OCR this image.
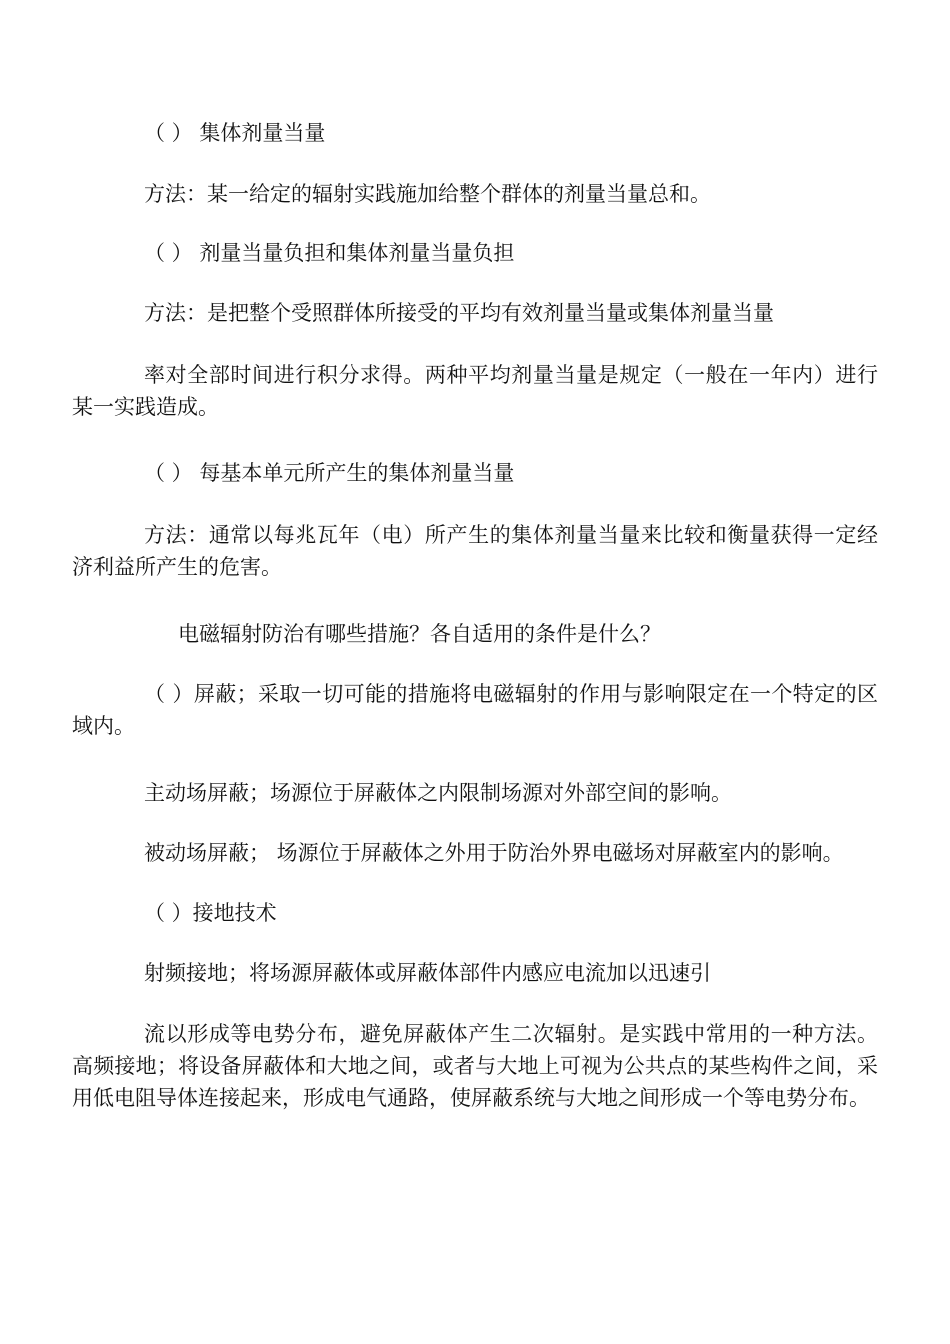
（ ） 集体剂量当量
方法：某一给定的辐射实践施加给整个群体的剂量当量总和。
（ ） 剂量当量负担和集体剂量当量负担
方法：是把整个受照群体所接受的平均有效剂量当量或集体剂量当量
率对全部时间进行积分求得。两种平均剂量当量是规定（一般在一年内）进行某一实践造成。
（ ） 每基本单元所产生的集体剂量当量
方法：通常以每兆瓦年（电）所产生的集体剂量当量来比较和衡量获得一定经济利益所产生的危害。
电磁辐射防治有哪些措施？各自适用的条件是什么？
（ ）屏蔽；采取一切可能的措施将电磁辐射的作用与影响限定在一个特定的区域内。
主动场屏蔽；场源位于屏蔽体之内限制场源对外部空间的影响。
被动场屏蔽； 场源位于屏蔽体之外用于防治外界电磁场对屏蔽室内的影响。
（ ）接地技术
射频接地；将场源屏蔽体或屏蔽体部件内感应电流加以迅速引
流以形成等电势分布，避免屏蔽体产生二次辐射。是实践中常用的一种方法。高频接地；将设备屏蔽体和大地之间，或者与大地上可视为公共点的某些构件之间，采用低电阻导体连接起来，形成电气通路，使屏蔽系统与大地之间形成一个等电势分布。
